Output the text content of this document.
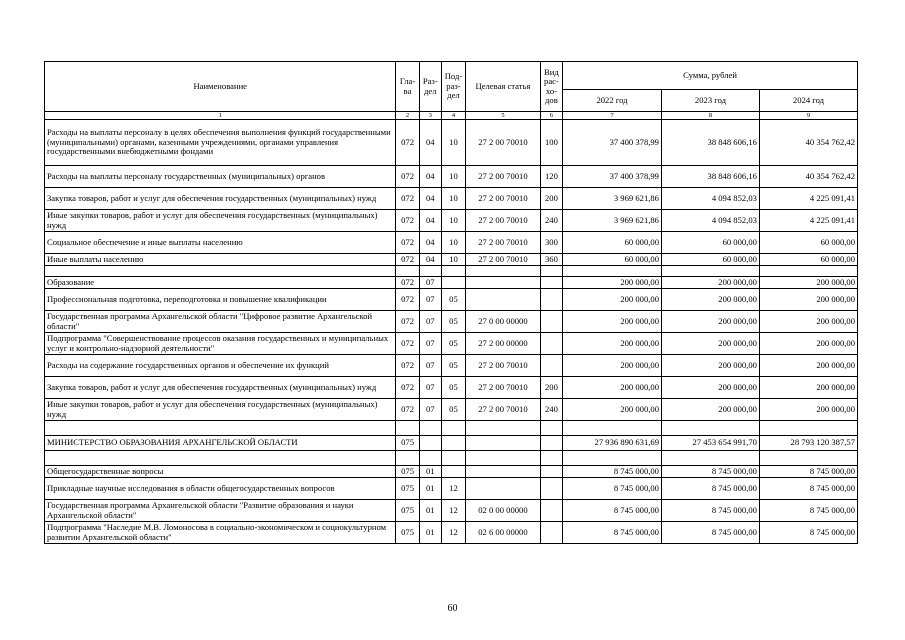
Наименование	Гла-ва	Раз-дел	Под-раз-дел	Целевая статья	Вид рас-хо-дов	Сумма, рублей		
						2022 год	2023 год	2024 год
1	2	3	4	5	6	7	8	9
Расходы на выплаты персоналу в целях обеспечения выполнения функций государственными (муниципальными) органами, казенными учреждениями, органами управления государственными внебюджетными фондами	072	04	10	27 2 00 70010	100	37 400 378,99	38 848 606,16	40 354 762,42
Расходы на выплаты персоналу государственных (муниципальных) органов	072	04	10	27 2 00 70010	120	37 400 378,99	38 848 606,16	40 354 762,42
Закупка товаров, работ и услуг для обеспечения государственных (муниципальных) нужд	072	04	10	27 2 00 70010	200	3 969 621,86	4 094 852,03	4 225 091,41
Иные закупки товаров, работ и услуг для обеспечения государственных (муниципальных) нужд	072	04	10	27 2 00 70010	240	3 969 621,86	4 094 852,03	4 225 091,41
Социальное обеспечение и иные выплаты населению	072	04	10	27 2 00 70010	300	60 000,00	60 000,00	60 000,00
Иные выплаты населению	072	04	10	27 2 00 70010	360	60 000,00	60 000,00	60 000,00

Образование	072	07				200 000,00	200 000,00	200 000,00
Профессиональная подготовка, переподготовка и повышение квалификации	072	07	05			200 000,00	200 000,00	200 000,00
Государственная программа Архангельской области "Цифровое развитие Архангельской области"	072	07	05	27 0 00 00000		200 000,00	200 000,00	200 000,00
Подпрограмма "Совершенствование процессов оказания государственных и муниципальных услуг и контрольно-надзорной деятельности"	072	07	05	27 2 00 00000		200 000,00	200 000,00	200 000,00
Расходы на содержание государственных органов и обеспечение их функций	072	07	05	27 2 00 70010		200 000,00	200 000,00	200 000,00
Закупка товаров, работ и услуг для обеспечения государственных (муниципальных) нужд	072	07	05	27 2 00 70010	200	200 000,00	200 000,00	200 000,00
Иные закупки товаров, работ и услуг для обеспечения государственных (муниципальных) нужд	072	07	05	27 2 00 70010	240	200 000,00	200 000,00	200 000,00

МИНИСТЕРСТВО ОБРАЗОВАНИЯ АРХАНГЕЛЬСКОЙ ОБЛАСТИ	075					27 936 890 631,69	27 453 654 991,70	28 793 120 387,57

Общегосударственные вопросы	075	01				8 745 000,00	8 745 000,00	8 745 000,00
Прикладные научные исследования в области общегосударственных вопросов	075	01	12			8 745 000,00	8 745 000,00	8 745 000,00
Государственная программа Архангельской области "Развитие образования и науки Архангельской области"	075	01	12	02 0 00 00000		8 745 000,00	8 745 000,00	8 745 000,00
Подпрограмма "Наследие М.В. Ломоносова в социально-экономическом и социокультурном развитии Архангельской области"	075	01	12	02 6 00 00000		8 745 000,00	8 745 000,00	8 745 000,00
60
